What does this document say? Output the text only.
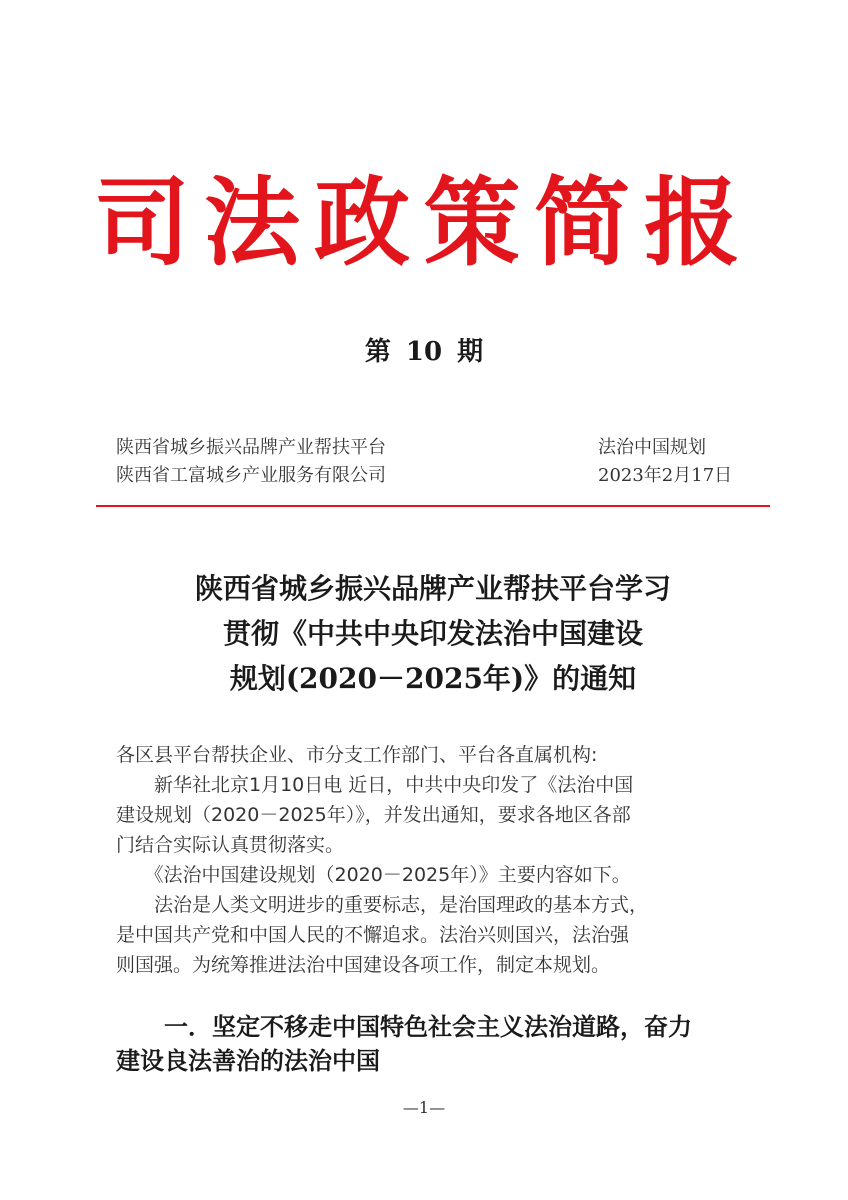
司法政策简报
第 10 期
陕西省城乡振兴品牌产业帮扶平台
陕西省工富城乡产业服务有限公司
法治中国规划
2023年2月17日
陕西省城乡振兴品牌产业帮扶平台学习
贯彻《中共中央印发法治中国建设
规划(2020－2025年)》的通知
各区县平台帮扶企业、市分支工作部门、平台各直属机构:
　　新华社北京1月10日电 近日，中共中央印发了《法治中国
建设规划（2020－2025年）》，并发出通知，要求各地区各部
门结合实际认真贯彻落实。
　　《法治中国建设规划（2020－2025年）》主要内容如下。
　　法治是人类文明进步的重要标志，是治国理政的基本方式，
是中国共产党和中国人民的不懈追求。法治兴则国兴，法治强
则国强。为统筹推进法治中国建设各项工作，制定本规划。
　　一．坚定不移走中国特色社会主义法治道路，奋力
建设良法善治的法治中国
—1—
